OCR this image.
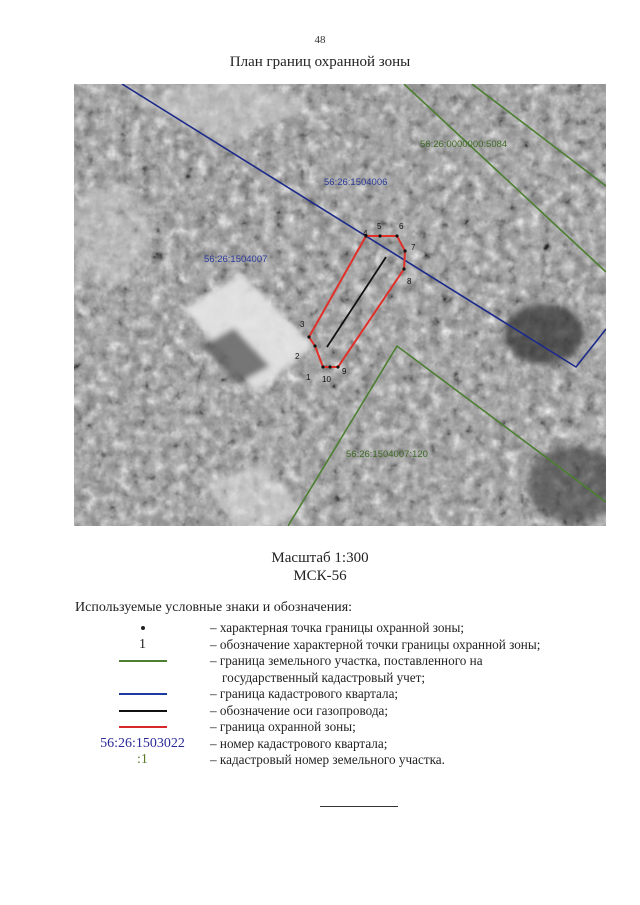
48
План границ охранной зоны
1
2
3
4
5 6
7
8
9
10
56:26:0000000:5084
56:26:1504006
56:26:1504007
56:26:1504007:120
Масштаб 1:300
МСК-56
Используемые условные знаки и обозначения:
– характерная точка границы охранной зоны;
1	– обозначение характерной точки границы охранной зоны;
– граница земельного участка, поставленного на
государственный кадастровый учет;
– граница кадастрового квартала;
– обозначение оси газопровода;
– граница охранной зоны;
56:26:1503022 – номер кадастрового квартала;
:1	– кадастровый номер земельного участка.
